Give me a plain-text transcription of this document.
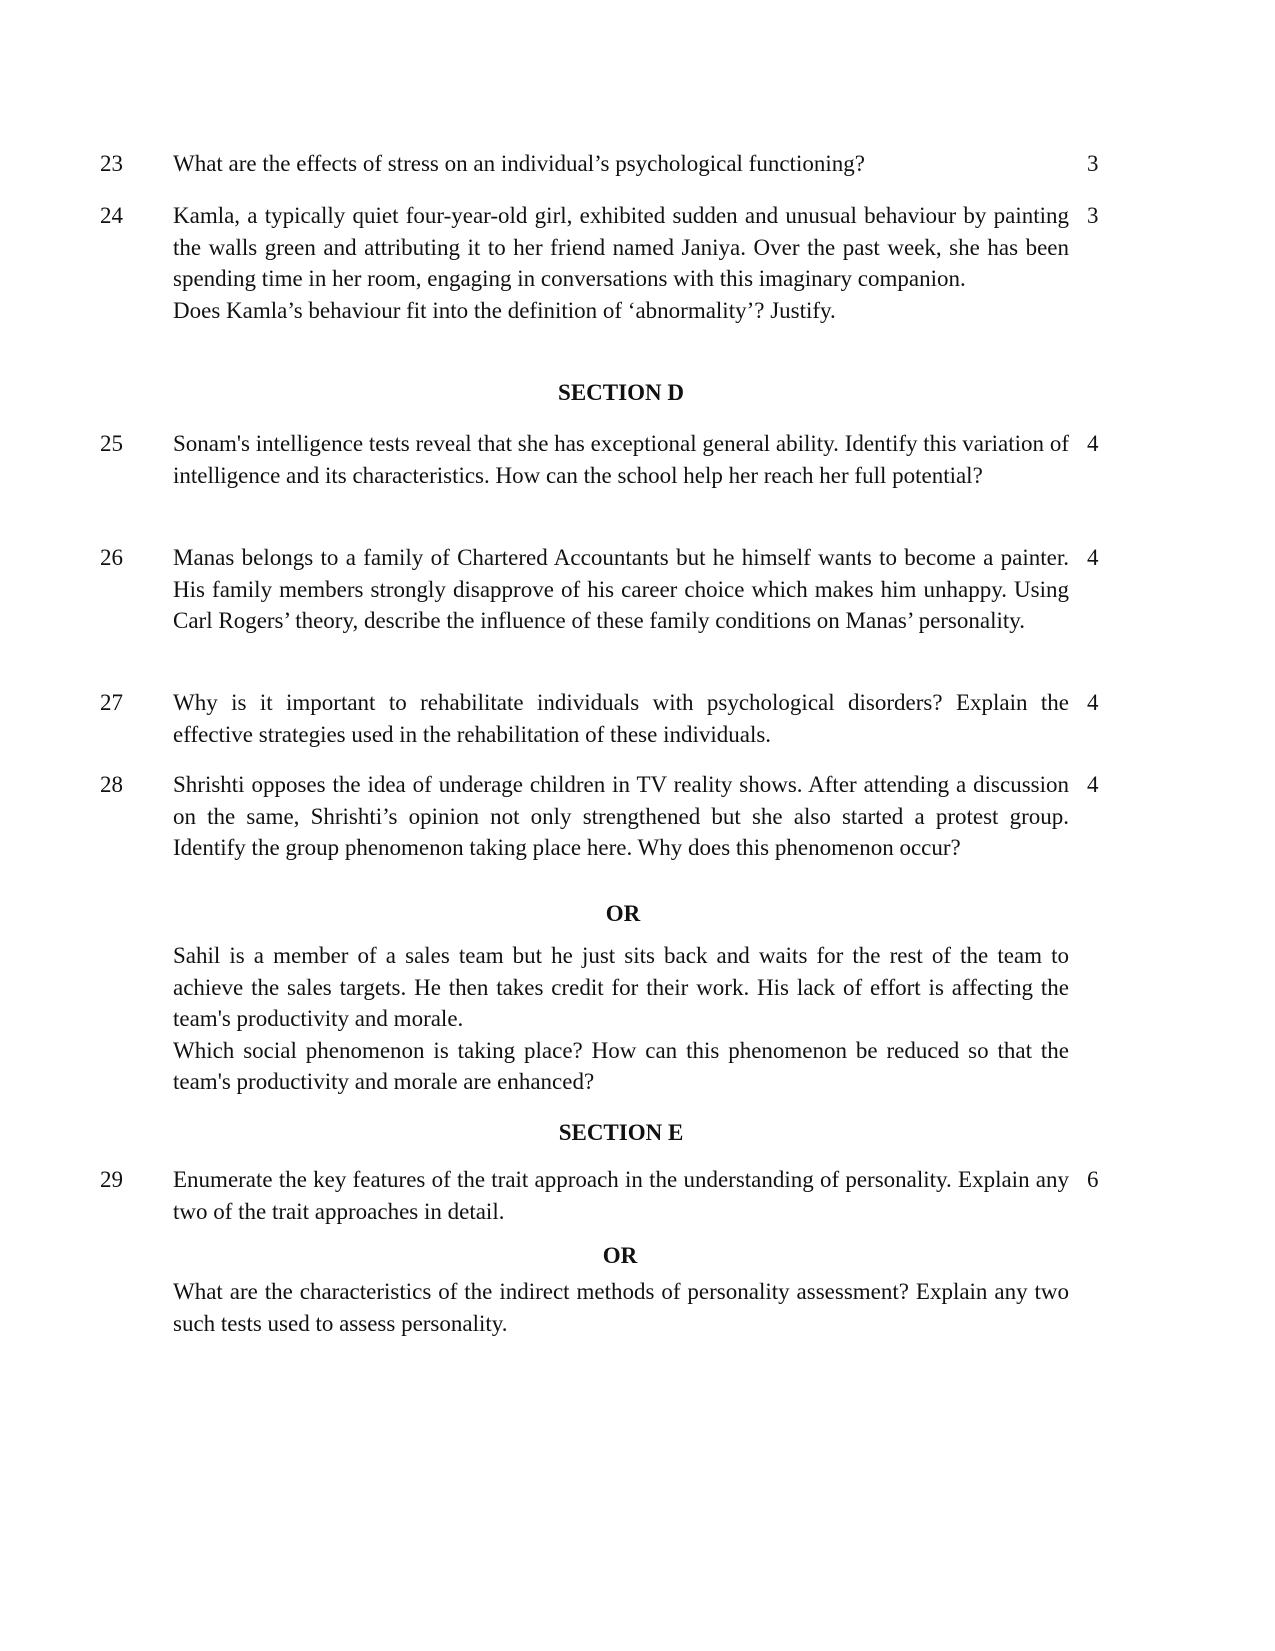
23 What are the effects of stress on an individual’s psychological functioning?	3
24 Kamla, a typically quiet four-year-old girl, exhibited sudden and unusual behaviour by painting the walls green and attributing it to her friend named Janiya. Over the past week, she has been spending time in her room, engaging in conversations with this imaginary companion.

Does Kamla’s behaviour fit into the definition of ‘abnormality’? Justify.

3
SECTION D
25 Sonam's intelligence tests reveal that she has exceptional general ability. Identify this variation of intelligence and its characteristics. How can the school help her reach her full potential?

4
26 Manas belongs to a family of Chartered Accountants but he himself wants to become a painter. His family members strongly disapprove of his career choice which makes him unhappy. Using Carl Rogers’ theory, describe the influence of these family conditions on Manas’ personality.

4
27 Why is it important to rehabilitate individuals with psychological disorders? Explain the effective strategies used in the rehabilitation of these individuals.

4
28 Shrishti opposes the idea of underage children in TV reality shows. After attending a discussion on the same, Shrishti’s opinion not only strengthened but she also started a protest group. Identify the group phenomenon taking place here. Why does this phenomenon occur?

4
OR

Sahil is a member of a sales team but he just sits back and waits for the rest of the team to achieve the sales targets. He then takes credit for their work. His lack of effort is affecting the team's productivity and morale.

Which social phenomenon is taking place? How can this phenomenon be reduced so that the team's productivity and morale are enhanced?

SECTION E
29 Enumerate the key features of the trait approach in the understanding of personality. Explain any two of the trait approaches in detail.

6
OR

What are the characteristics of the indirect methods of personality assessment? Explain any two such tests used to assess personality.
